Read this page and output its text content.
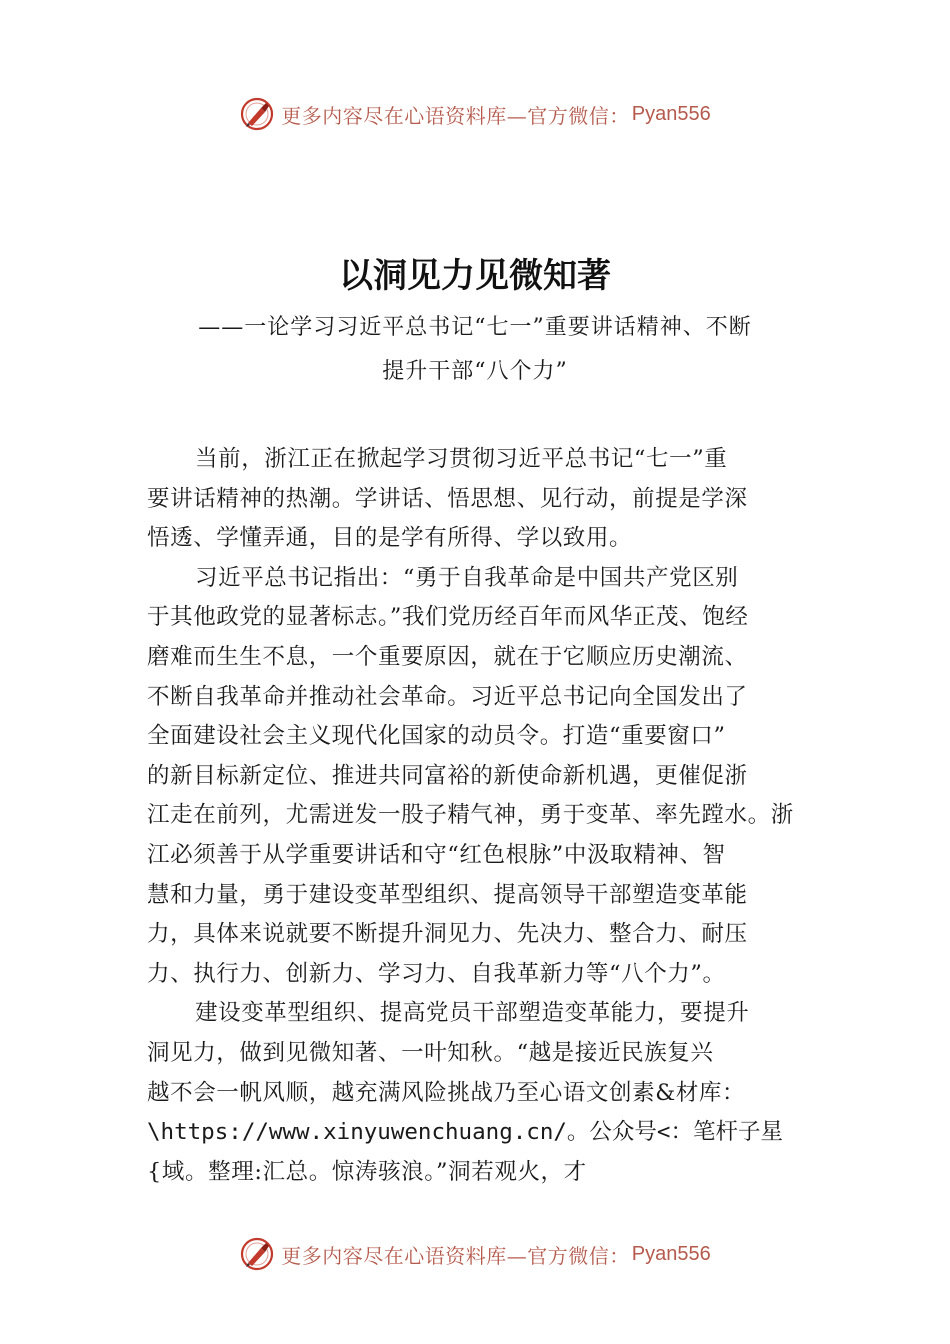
更多内容尽在心语资料库—官方微信： Pyan556
以洞见力见微知著

——一论学习习近平总书记“七一”重要讲话精神、不断

提升干部“八个力”

当前，浙江正在掀起学习贯彻习近平总书记“七一”重
要讲话精神的热潮。学讲话、悟思想、见行动，前提是学深
悟透、学懂弄通，目的是学有所得、学以致用。
习近平总书记指出：“勇于自我革命是中国共产党区别
于其他政党的显著标志。”我们党历经百年而风华正茂、饱经
磨难而生生不息，一个重要原因，就在于它顺应历史潮流、
不断自我革命并推动社会革命。习近平总书记向全国发出了
全面建设社会主义现代化国家的动员令。打造“重要窗口”
的新目标新定位、推进共同富裕的新使命新机遇，更催促浙
江走在前列，尤需迸发一股子精气神，勇于变革、率先蹚水。浙
江必须善于从学重要讲话和守“红色根脉”中汲取精神、智
慧和力量，勇于建设变革型组织、提高领导干部塑造变革能
力，具体来说就要不断提升洞见力、先决力、整合力、耐压
力、执行力、创新力、学习力、自我革新力等“八个力”。
建设变革型组织、提高党员干部塑造变革能力，要提升
洞见力，做到见微知著、一叶知秋。“越是接近民族复兴
越不会一帆风顺，越充满风险挑战乃至心语文创素&材库：
\https://www.xinyuwenchuang.cn/。公众号<：笔杆子星
{域。整理:汇总。惊涛骇浪。”洞若观火，才
更多内容尽在心语资料库—官方微信： Pyan556
